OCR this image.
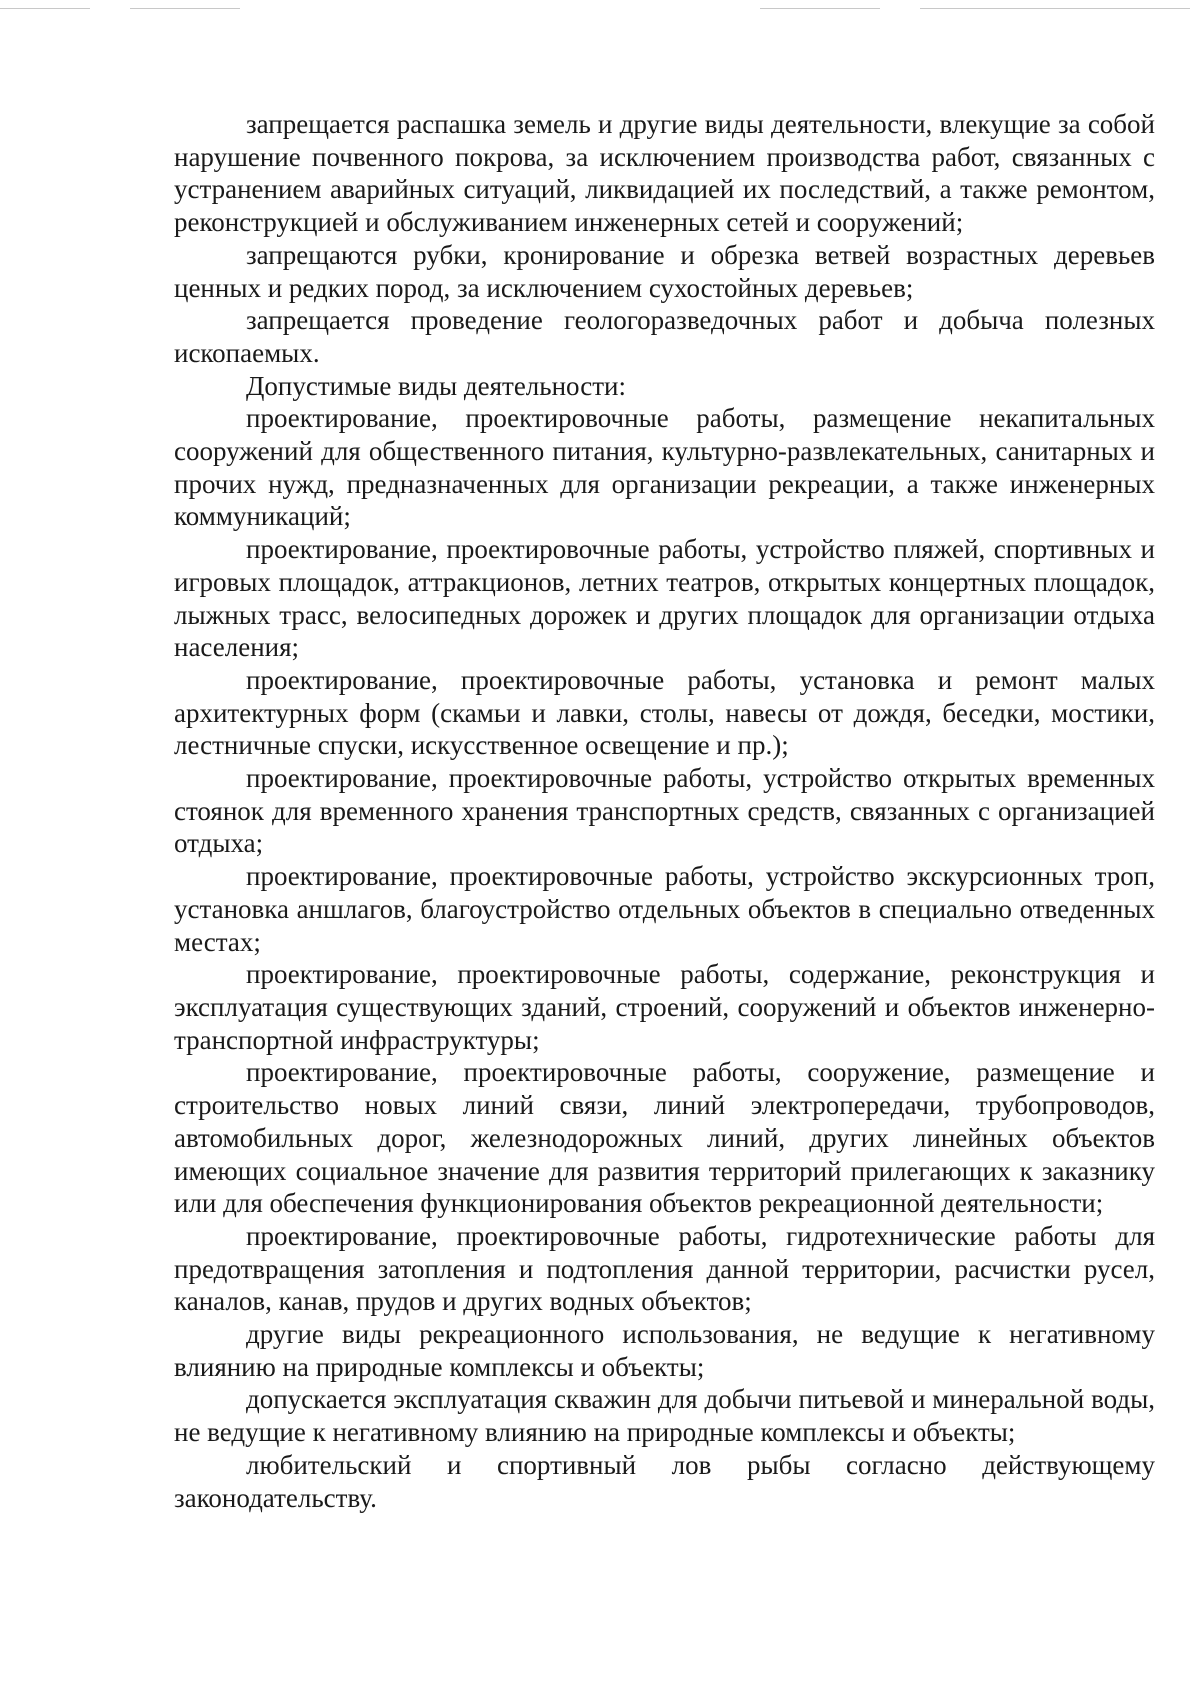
запрещается распашка земель и другие виды деятельности, влекущие за собой нарушение почвенного покрова, за исключением производства работ, связанных с устранением аварийных ситуаций, ликвидацией их последствий, а также ремонтом, реконструкцией и обслуживанием инженерных сетей и сооружений;

запрещаются рубки, кронирование и обрезка ветвей возрастных деревьев ценных и редких пород, за исключением сухостойных деревьев;

запрещается проведение геологоразведочных работ и добыча полезных ископаемых.

Допустимые виды деятельности:

проектирование, проектировочные работы, размещение некапитальных сооружений для общественного питания, культурно-развлекательных, санитарных и прочих нужд, предназначенных для организации рекреации, а также инженерных коммуникаций;

проектирование, проектировочные работы, устройство пляжей, спортивных и игровых площадок, аттракционов, летних театров, открытых концертных площадок, лыжных трасс, велосипедных дорожек и других площадок для организации отдыха населения;

проектирование, проектировочные работы, установка и ремонт малых архитектурных форм (скамьи и лавки, столы, навесы от дождя, беседки, мостики, лестничные спуски, искусственное освещение и пр.);

проектирование, проектировочные работы, устройство открытых временных стоянок для временного хранения транспортных средств, связанных с организацией отдыха;

проектирование, проектировочные работы, устройство экскурсионных троп, установка аншлагов, благоустройство отдельных объектов в специально отведенных местах;

проектирование, проектировочные работы, содержание, реконструкция и эксплуатация существующих зданий, строений, сооружений и объектов инженерно-транспортной инфраструктуры;

проектирование, проектировочные работы, сооружение, размещение и строительство новых линий связи, линий электропередачи, трубопроводов, автомобильных дорог, железнодорожных линий, других линейных объектов имеющих социальное значение для развития территорий прилегающих к заказнику или для обеспечения функционирования объектов рекреационной деятельности;

проектирование, проектировочные работы, гидротехнические работы для предотвращения затопления и подтопления данной территории, расчистки русел, каналов, канав, прудов и других водных объектов;

другие виды рекреационного использования, не ведущие к негативному влиянию на природные комплексы и объекты;

допускается эксплуатация скважин для добычи питьевой и минеральной воды, не ведущие к негативному влиянию на природные комплексы и объекты;

любительский и спортивный лов рыбы согласно действующему законодательству.
